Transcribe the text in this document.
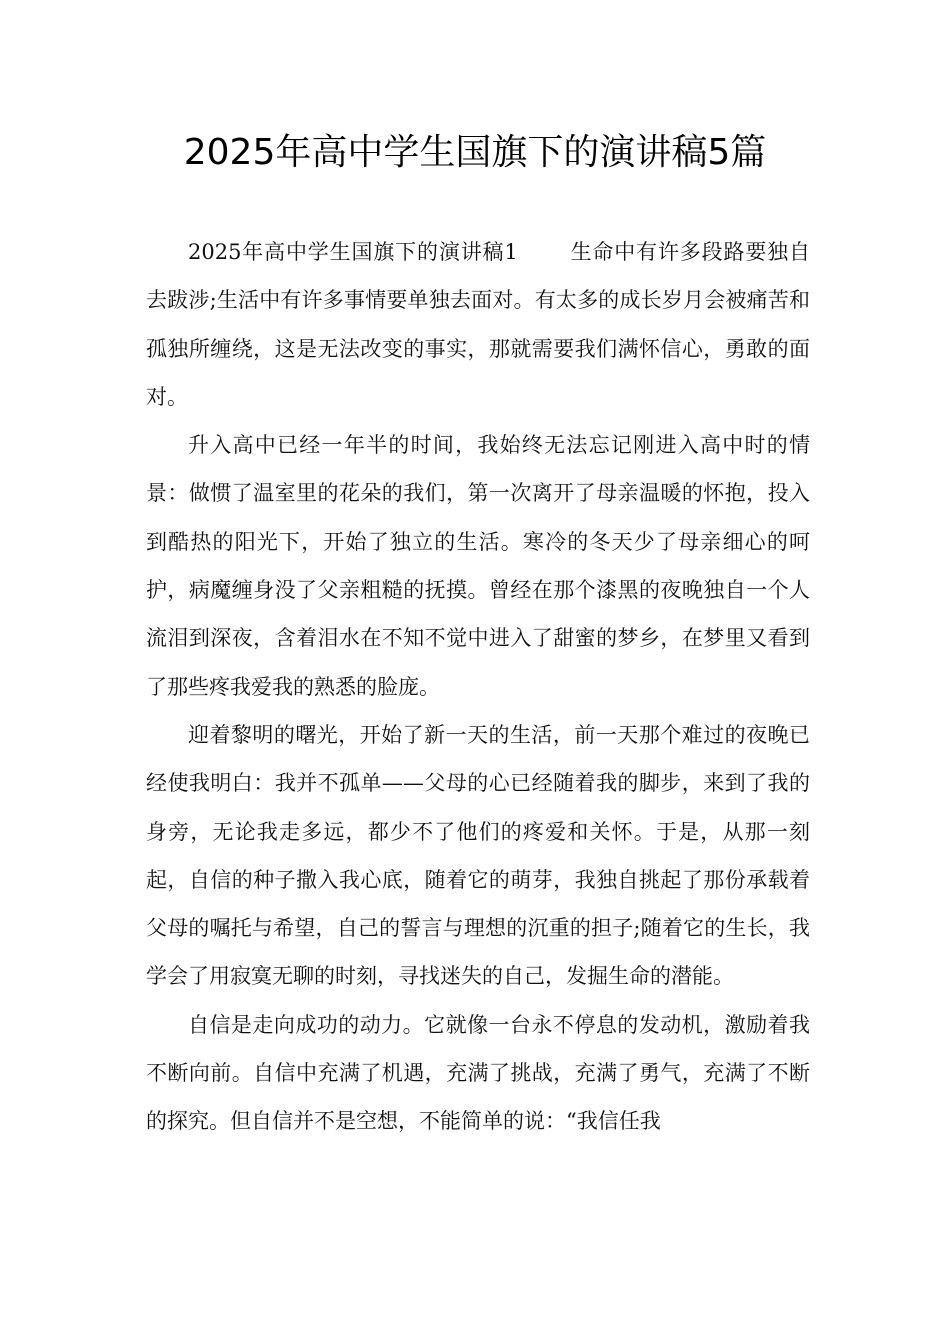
2025年高中学生国旗下的演讲稿5篇

2025年高中学生国旗下的演讲稿1 生命中有许多段路要独自去跋涉;生活中有许多事情要单独去面对。有太多的成长岁月会被痛苦和孤独所缠绕，这是无法改变的事实，那就需要我们满怀信心，勇敢的面对。

升入高中已经一年半的时间，我始终无法忘记刚进入高中时的情景：做惯了温室里的花朵的我们，第一次离开了母亲温暖的怀抱，投入到酷热的阳光下，开始了独立的生活。寒冷的冬天少了母亲细心的呵护，病魔缠身没了父亲粗糙的抚摸。曾经在那个漆黑的夜晚独自一个人流泪到深夜，含着泪水在不知不觉中进入了甜蜜的梦乡，在梦里又看到了那些疼我爱我的熟悉的脸庞。

迎着黎明的曙光，开始了新一天的生活，前一天那个难过的夜晚已经使我明白：我并不孤单——父母的心已经随着我的脚步，来到了我的身旁，无论我走多远，都少不了他们的疼爱和关怀。于是，从那一刻起，自信的种子撒入我心底，随着它的萌芽，我独自挑起了那份承载着父母的嘱托与希望，自己的誓言与理想的沉重的担子;随着它的生长，我学会了用寂寞无聊的时刻，寻找迷失的自己，发掘生命的潜能。

自信是走向成功的动力。它就像一台永不停息的发动机，激励着我不断向前。自信中充满了机遇，充满了挑战，充满了勇气，充满了不断的探究。但自信并不是空想，不能简单的说：“我信任我
